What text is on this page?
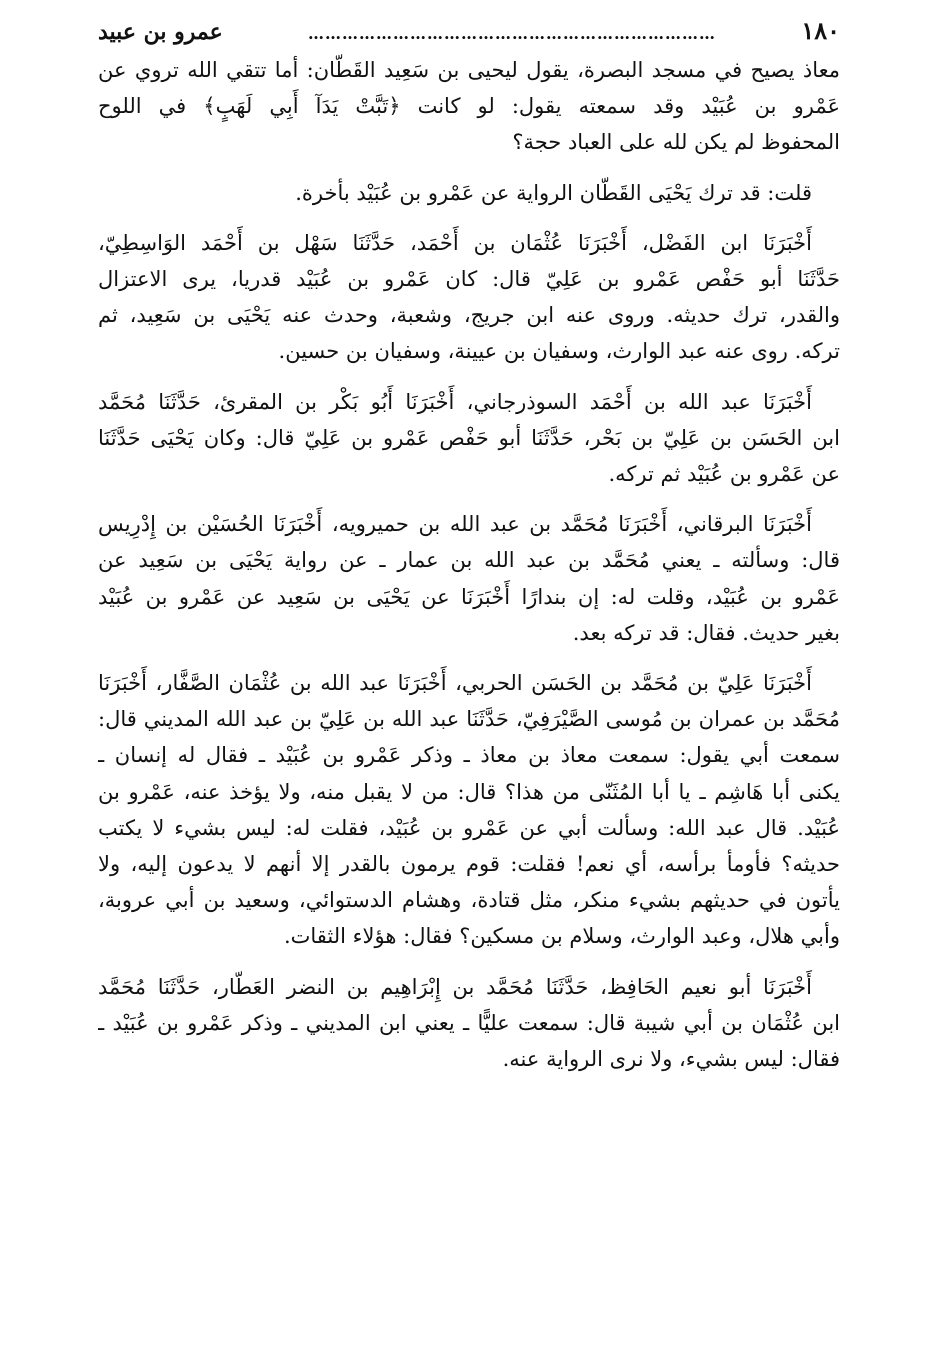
١٨٠
………………………………………………………………
عمرو بن عبيد
معاذ يصيح في مسجد البصرة، يقول ليحيى بن سَعِيد القَطّان: أما تتقي الله تروي عن
عَمْرو بن عُبَيْد وقد سمعته يقول: لو كانت ﴿تَبَّتْ يَدَآ أَبِي لَهَبٍ﴾ في اللوح
المحفوظ لم يكن لله على العباد حجة؟
قلت: قد ترك يَحْيَى القَطّان الرواية عن عَمْرو بن عُبَيْد بأخرة.
أَخْبَرَنَا ابن الفَضْل، أَخْبَرَنَا عُثْمَان بن أَحْمَد، حَدَّثَنَا سَهْل بن أَحْمَد الوَاسِطِيّ،
حَدَّثَنَا أبو حَفْص عَمْرو بن عَلِيّ قال: كان عَمْرو بن عُبَيْد قدريا، يرى الاعتزال
والقدر، ترك حديثه. وروى عنه ابن جريج، وشعبة، وحدث عنه يَحْيَى بن سَعِيد، ثم
تركه. روى عنه عبد الوارث، وسفيان بن عيينة، وسفيان بن حسين.
أَخْبَرَنَا عبد الله بن أَحْمَد السوذرجاني، أَخْبَرَنَا أَبُو بَكْر بن المقرئ، حَدَّثَنَا مُحَمَّد
ابن الحَسَن بن عَلِيّ بن بَحْر، حَدَّثَنَا أبو حَفْص عَمْرو بن عَلِيّ قال: وكان يَحْيَى حَدَّثَنَا
عن عَمْرو بن عُبَيْد ثم تركه.
أَخْبَرَنَا البرقاني، أَخْبَرَنَا مُحَمَّد بن عبد الله بن حميرويه، أَخْبَرَنَا الحُسَيْن بن إِدْرِيس
قال: وسألته ـ يعني مُحَمَّد بن عبد الله بن عمار ـ عن رواية يَحْيَى بن سَعِيد عن
عَمْرو بن عُبَيْد، وقلت له: إن بندارًا أَخْبَرَنَا عن يَحْيَى بن سَعِيد عن عَمْرو بن عُبَيْد
بغير حديث. فقال: قد تركه بعد.
أَخْبَرَنَا عَلِيّ بن مُحَمَّد بن الحَسَن الحربي، أَخْبَرَنَا عبد الله بن عُثْمَان الصَّفَّار، أَخْبَرَنَا
مُحَمَّد بن عمران بن مُوسى الصَّيْرَفِيّ، حَدَّثَنَا عبد الله بن عَلِيّ بن عبد الله المديني قال:
سمعت أبي يقول: سمعت معاذ بن معاذ ـ وذكر عَمْرو بن عُبَيْد ـ فقال له إنسان ـ
يكنى أبا هَاشِم ـ يا أبا المُثَنّى من هذا؟ قال: من لا يقبل منه، ولا يؤخذ عنه، عَمْرو بن
عُبَيْد. قال عبد الله: وسألت أبي عن عَمْرو بن عُبَيْد، فقلت له: ليس بشيء لا يكتب
حديثه؟ فأومأ برأسه، أي نعم! فقلت: قوم يرمون بالقدر إلا أنهم لا يدعون إليه، ولا
يأتون في حديثهم بشيء منكر، مثل قتادة، وهشام الدستوائي، وسعيد بن أبي عروبة،
وأبي هلال، وعبد الوارث، وسلام بن مسكين؟ فقال: هؤلاء الثقات.
أَخْبَرَنَا أبو نعيم الحَافِظ، حَدَّثَنَا مُحَمَّد بن إِبْرَاهِيم بن النضر العَطّار، حَدَّثَنَا مُحَمَّد
ابن عُثْمَان بن أبي شيبة قال: سمعت عليًّا ـ يعني ابن المديني ـ وذكر عَمْرو بن عُبَيْد ـ
فقال: ليس بشيء، ولا نرى الرواية عنه.
